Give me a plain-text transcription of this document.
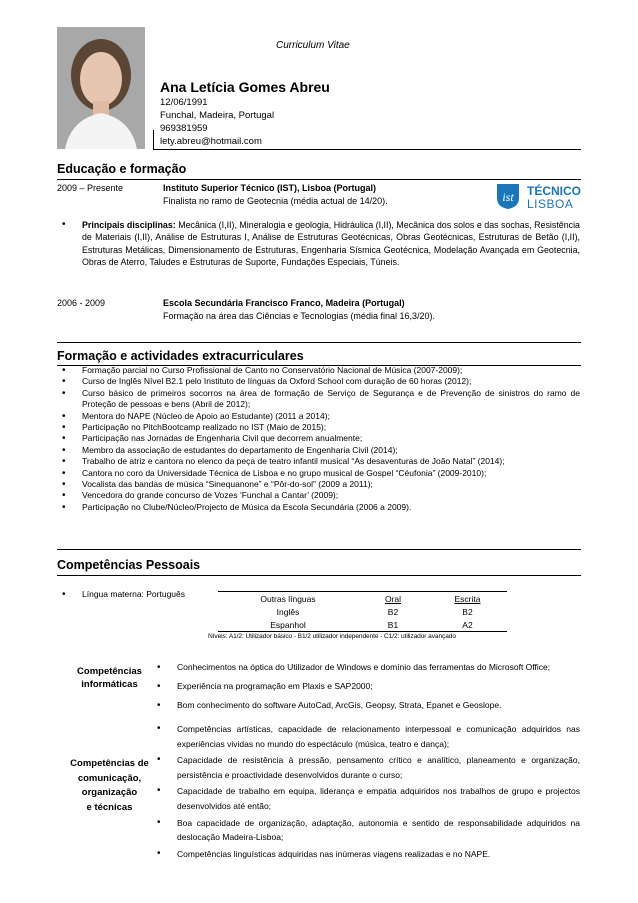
Curriculum Vitae
Ana Letícia Gomes Abreu
12/06/1991
Funchal, Madeira, Portugal
969381959
lety.abreu@hotmail.com
Educação e formação
2009 – Presente	Instituto Superior Técnico (IST), Lisboa (Portugal)
Finalista no ramo de Geotecnia (média actual de 14/20).	ist TÉCNICO
LISBOA
• Principais disciplinas: Mecânica (I,II), Mineralogia e geologia, Hidráulica (I,II), Mecânica dos solos e das sochas, Resistência de Materiais (I,II), Análise de Estruturas I, Análise de Estruturas Geotécnicas, Obras Geotécnicas, Estruturas de Betão (I,II), Estruturas Metálicas, Dimensionamento de Estruturas, Engenharia Sísmica Geotécnica, Modelação Avançada em Geotecnia, Obras de Aterro, Taludes e Estruturas de Suporte, Fundações Especiais, Túneis.
2006 - 2009	Escola Secundária Francisco Franco, Madeira (Portugal)
Formação na área das Ciências e Tecnologias (média final 16,3/20).
Formação e actividades extracurriculares
• Formação parcial no Curso Profissional de Canto no Conservatório Nacional de Música (2007-2009);
• Curso de Inglês Nível B2.1 pelo Instituto de línguas da Oxford School com duração de 60 horas (2012);
• Curso básico de primeiros socorros na área de formação de Serviço de Segurança e de Prevenção de sinistros do ramo de Proteção de pessoas e bens (Abril de 2012);
• Mentora do NAPE (Núcleo de Apoio ao Estudante) (2011 a 2014);
• Participação no PitchBootcamp realizado no IST (Maio de 2015);
• Participação nas Jornadas de Engenharia Civil que decorrem anualmente;
• Membro da associação de estudantes do departamento de Engenharia Civil (2014);
• Trabalho de atriz e cantora no elenco da peça de teatro infantil musical “As desaventuras de João Natal” (2014);
• Cantora no coro da Universidade Técnica de Lisboa e no grupo musical de Gospel “Céufonia” (2009-2010);
• Vocalista das bandas de música “Sinequanone” e “Pôr-do-sol” (2009 a 2011);
• Vencedora do grande concurso de Vozes ‘Funchal a Cantar’ (2009);
• Participação no Clube/Núcleo/Projecto de Música da Escola Secundária (2006 a 2009).
Competências Pessoais
• Língua materna: Português	Outras línguas	Oral	Escrita
Inglês	B2	B2
Espanhol	B1	A2
Níveis: A1/2: Utilizador básico - B1/2 utilizador independente - C1/2: utilizador avançado
Competências
informáticas
• Conhecimentos na óptica do Utilizador de Windows e domínio das ferramentas do Microsoft Office;
• Experiência na programação em Plaxis e SAP2000;
• Bom conhecimento do software AutoCad, ArcGis, Geopsy, Strata, Epanet e Geoslope.
Competências de
comunicação,
organização
e técnicas
• Competências artísticas, capacidade de relacionamento interpessoal e comunicação adquiridos nas experiências vividas no mundo do espectáculo (música, teatro e dança);
• Capacidade de resistência à pressão, pensamento crítico e analítico, planeamento e organização, persistência e proactividade desenvolvidos durante o curso;
• Capacidade de trabalho em equipa, liderança e empatia adquiridos nos trabalhos de grupo e projectos desenvolvidos até então;
• Boa capacidade de organização, adaptação, autonomia e sentido de responsabilidade adquiridos na deslocação Madeira-Lisboa;
• Competências linguísticas adquiridas nas inúmeras viagens realizadas e no NAPE.
